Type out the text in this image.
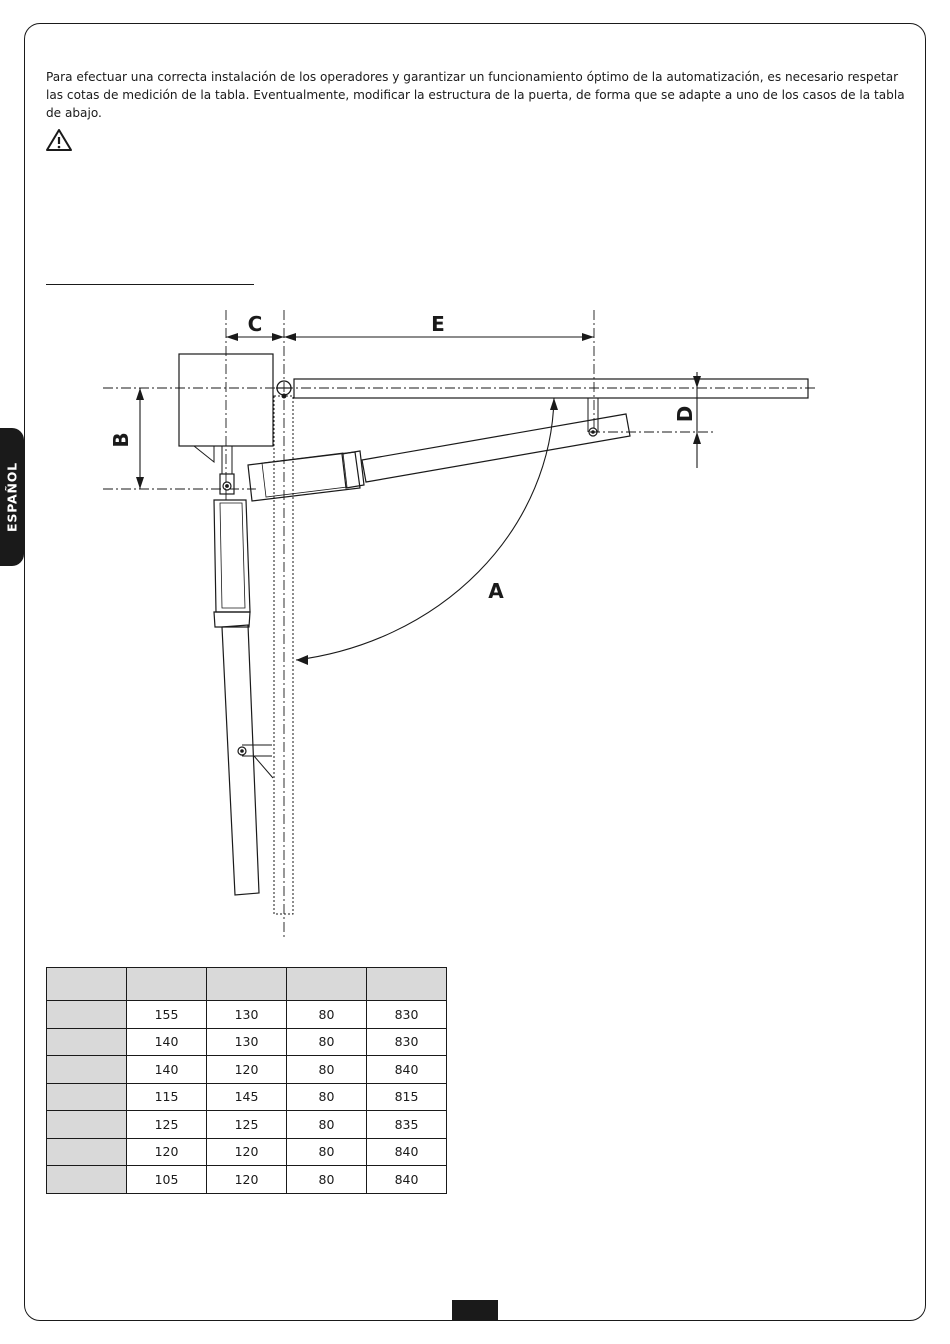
ESPAÑOL

Para efectuar una correcta instalación de los operadores y garantizar un funcionamiento óptimo de la automatización, es necesario respetar las cotas de medición de la tabla. Eventualmente, modificar la estructura de la puerta, de forma que se adapte a uno de los casos de la tabla de abajo.

C	E
A
B
D

	155	130	80	830
	140	130	80	830
	140	120	80	840
	115	145	80	815
	125	125	80	835
	120	120	80	840
	105	120	80	840
